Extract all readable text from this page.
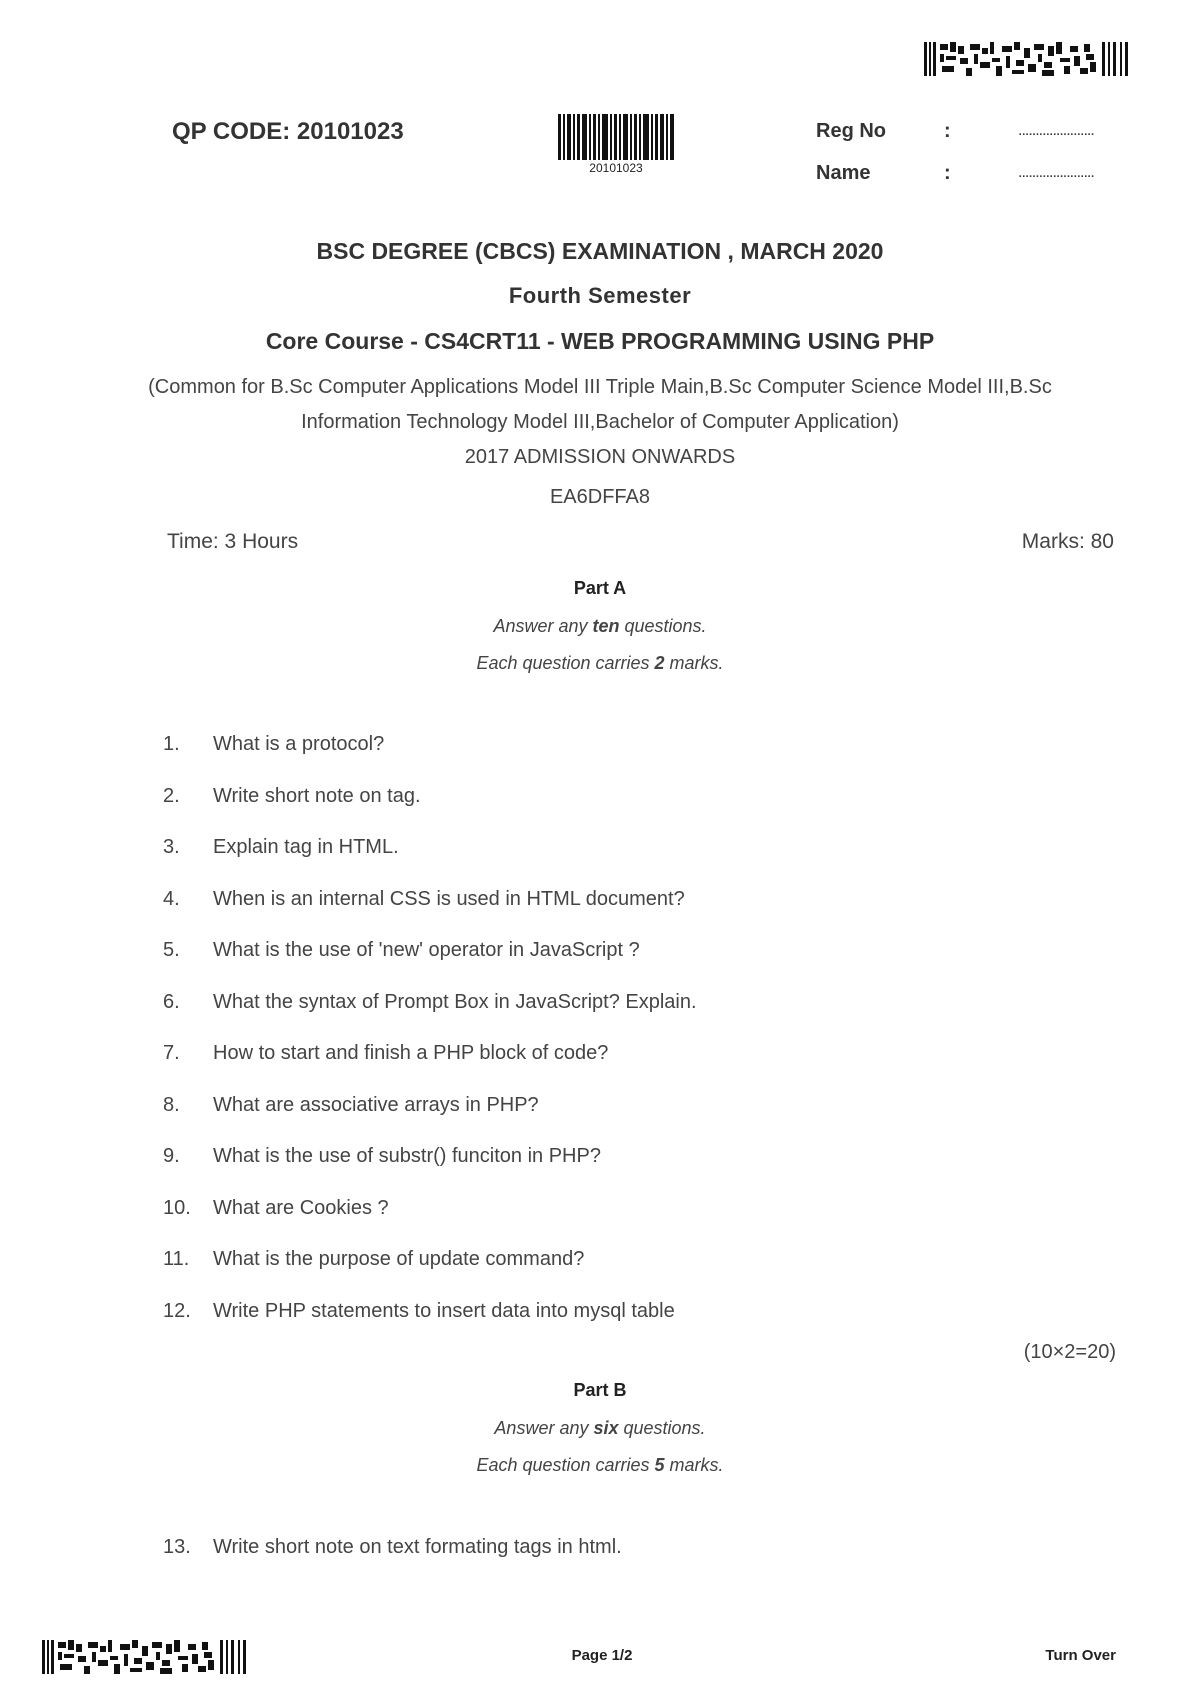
QP CODE: 20101023
20101023
Reg No	:	......................
Name	:	......................
BSC DEGREE (CBCS) EXAMINATION , MARCH 2020
Fourth Semester
Core Course - CS4CRT11 - WEB PROGRAMMING USING PHP
(Common for B.Sc Computer Applications Model III Triple Main,B.Sc Computer Science Model III,B.Sc Information Technology Model III,Bachelor of Computer Application)
2017 ADMISSION ONWARDS
EA6DFFA8
Time: 3 Hours	Marks: 80
Part A
Answer any ten questions.
Each question carries 2 marks.
1. What is a protocol?
2. Write short note on tag.
3. Explain tag in HTML.
4. When is an internal CSS is used in HTML document?
5. What is the use of 'new' operator in JavaScript ?
6. What the syntax of Prompt Box in JavaScript? Explain.
7. How to start and finish a PHP block of code?
8. What are associative arrays in PHP?
9. What is the use of substr() funciton in PHP?
10. What are Cookies ?
11. What is the purpose of update command?
12. Write PHP statements to insert data into mysql table
(10×2=20)
Part B
Answer any six questions.
Each question carries 5 marks.
13. Write short note on text formating tags in html.
Page 1/2	Turn Over
